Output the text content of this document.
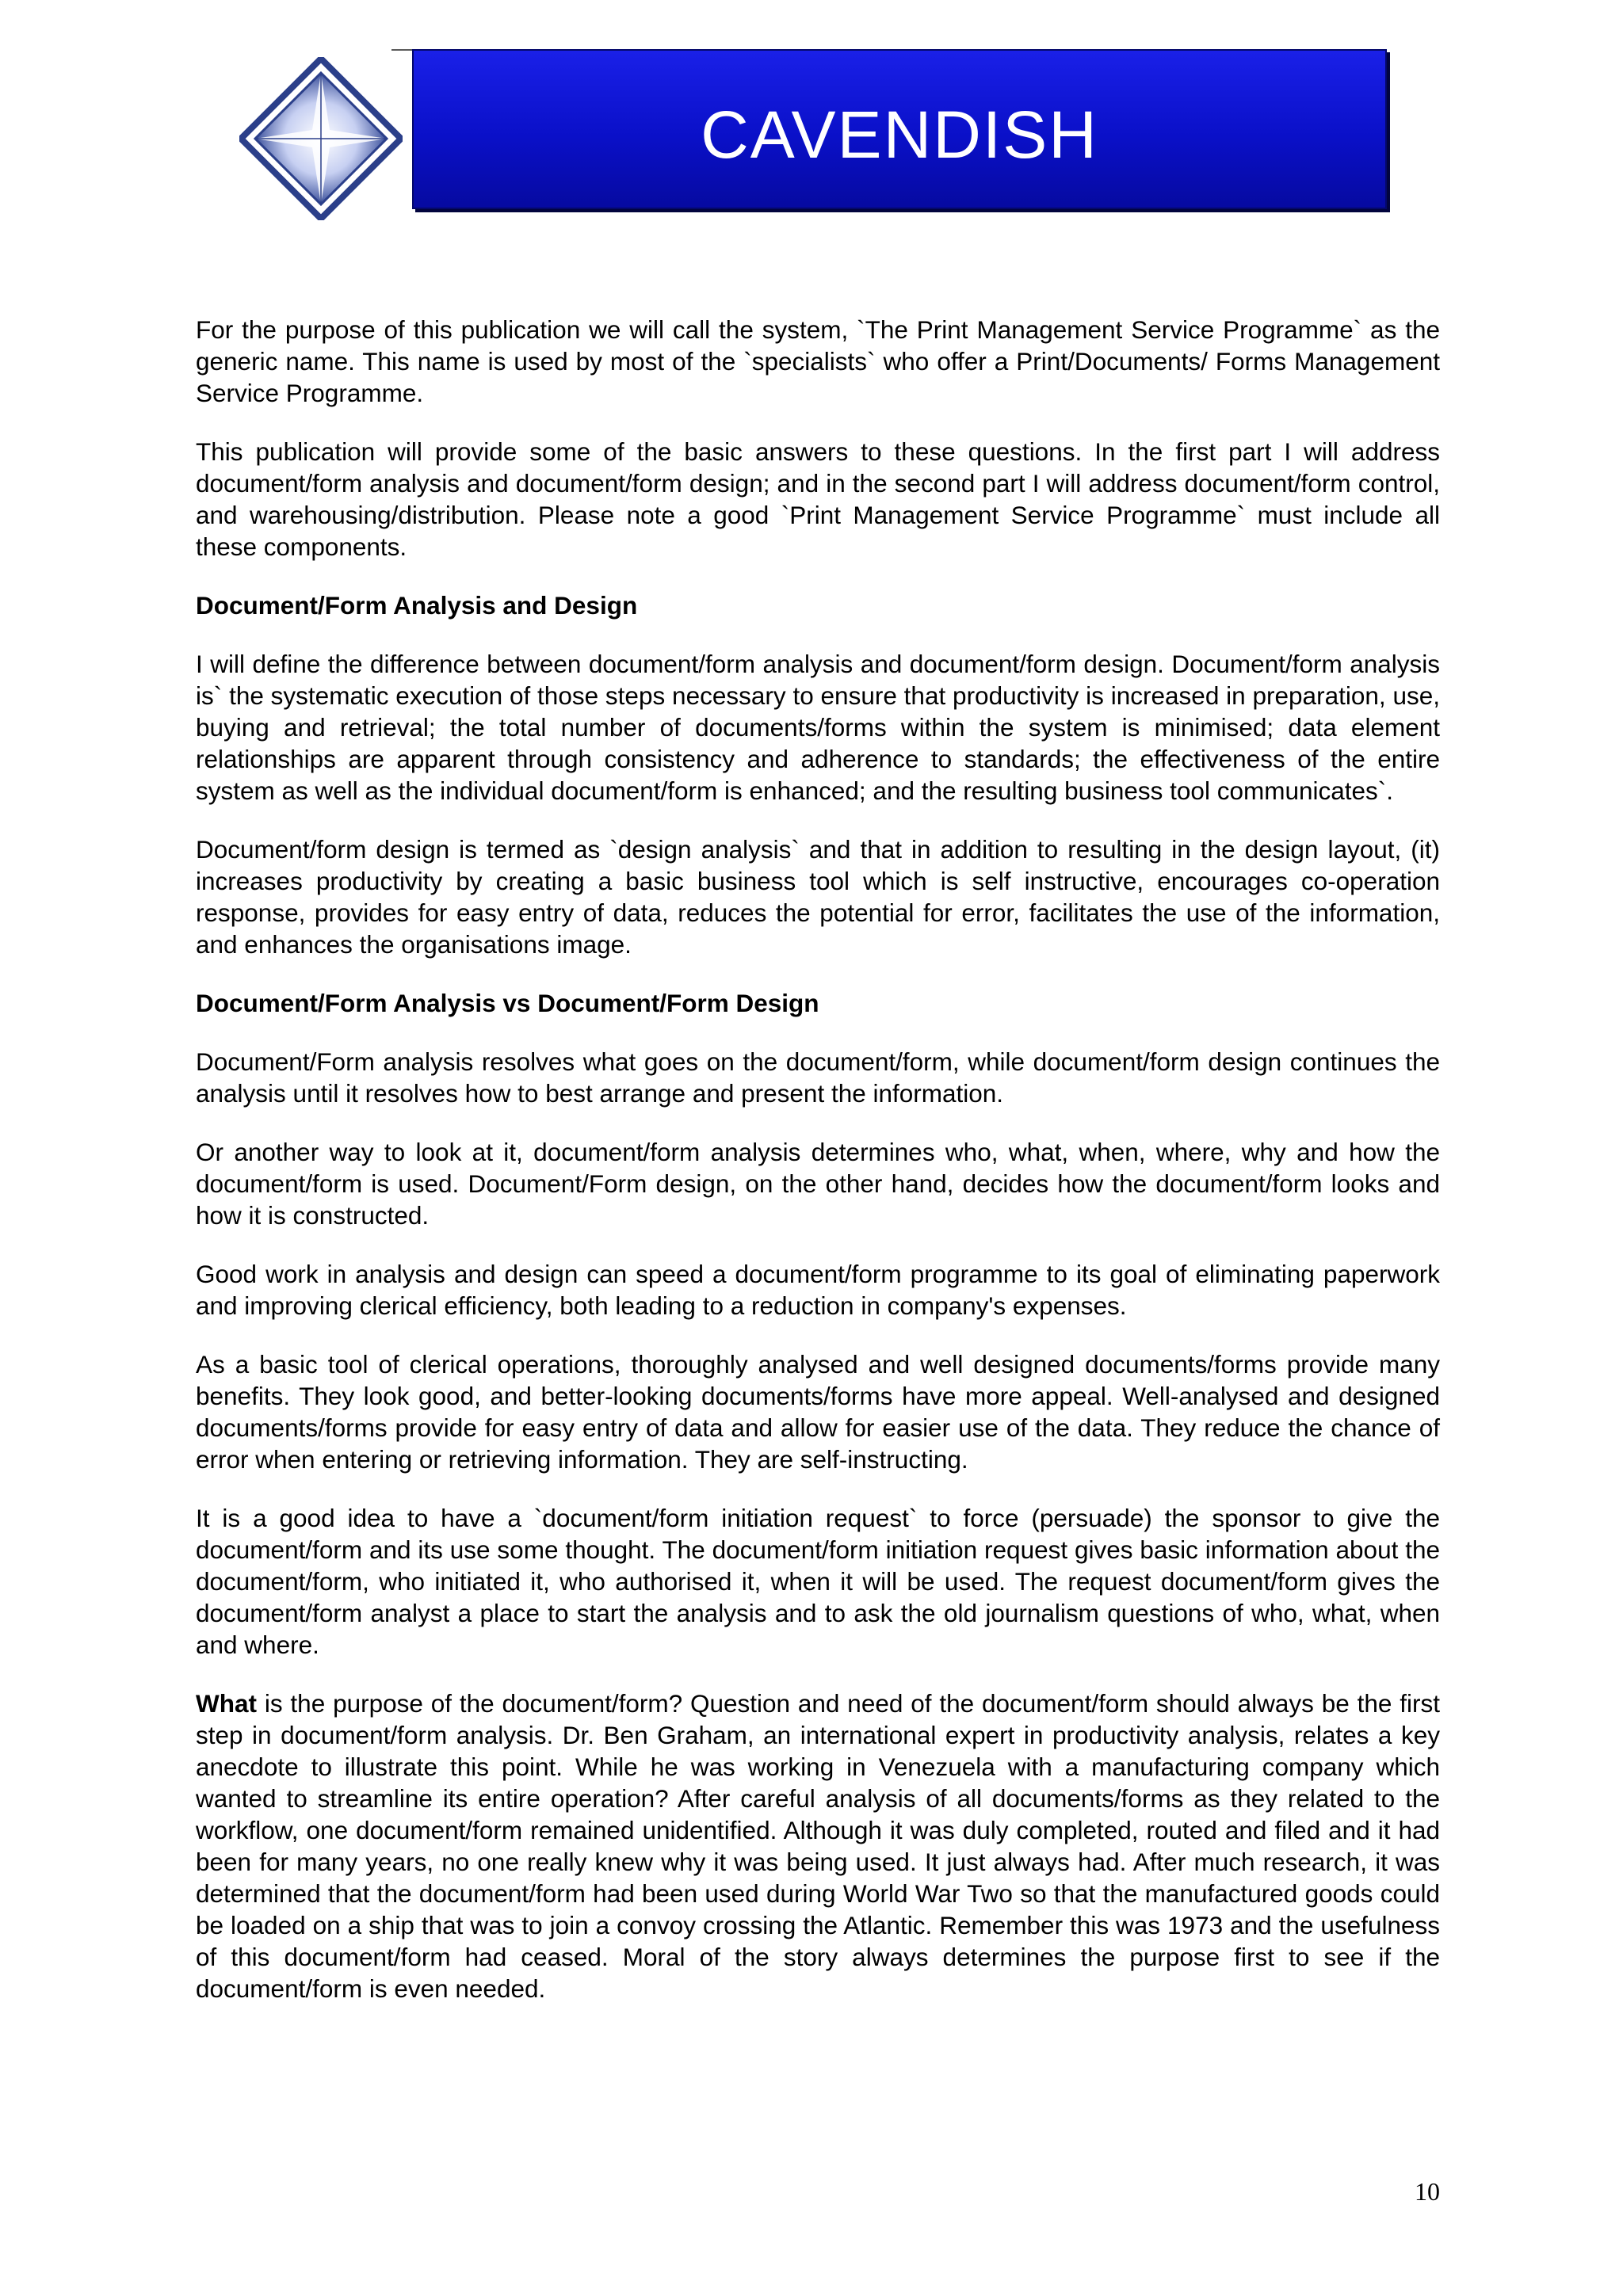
CAVENDISH

For the purpose of this publication we will call the system, `The Print Management Service Programme` as the generic name. This name is used by most of the `specialists` who offer a Print/Documents/ Forms Management Service Programme.

This publication will provide some of the basic answers to these questions. In the first part I will address document/form analysis and document/form design; and in the second part I will address document/form control, and warehousing/distribution. Please note a good `Print Management Service Programme` must include all these components.

Document/Form Analysis and Design

I will define the difference between document/form analysis and document/form design. Document/form analysis is` the systematic execution of those steps necessary to ensure that productivity is increased in preparation, use, buying and retrieval; the total number of documents/forms within the system is minimised; data element relationships are apparent through consistency and adherence to standards; the effectiveness of the entire system as well as the individual document/form is enhanced; and the resulting business tool communicates`.

Document/form design is termed as `design analysis` and that in addition to resulting in the design layout, (it) increases productivity by creating a basic business tool which is self instructive, encourages co-operation response, provides for easy entry of data, reduces the potential for error, facilitates the use of the information, and enhances the organisations image.

Document/Form Analysis vs Document/Form Design

Document/Form analysis resolves what goes on the document/form, while document/form design continues the analysis until it resolves how to best arrange and present the information.

Or another way to look at it, document/form analysis determines who, what, when, where, why and how the document/form is used. Document/Form design, on the other hand, decides how the document/form looks and how it is constructed.

Good work in analysis and design can speed a document/form programme to its goal of eliminating paperwork and improving clerical efficiency, both leading to a reduction in company's expenses.

As a basic tool of clerical operations, thoroughly analysed and well designed documents/forms provide many benefits. They look good, and better-looking documents/forms have more appeal. Well-analysed and designed documents/forms provide for easy entry of data and allow for easier use of the data. They reduce the chance of error when entering or retrieving information. They are self-instructing.

It is a good idea to have a `document/form initiation request` to force (persuade) the sponsor to give the document/form and its use some thought. The document/form initiation request gives basic information about the document/form, who initiated it, who authorised it, when it will be used. The request document/form gives the document/form analyst a place to start the analysis and to ask the old journalism questions of who, what, when and where.

What is the purpose of the document/form? Question and need of the document/form should always be the first step in document/form analysis. Dr. Ben Graham, an international expert in productivity analysis, relates a key anecdote to illustrate this point. While he was working in Venezuela with a manufacturing company which wanted to streamline its entire operation? After careful analysis of all documents/forms as they related to the workflow, one document/form remained unidentified. Although it was duly completed, routed and filed and it had been for many years, no one really knew why it was being used. It just always had. After much research, it was determined that the document/form had been used during World War Two so that the manufactured goods could be loaded on a ship that was to join a convoy crossing the Atlantic. Remember this was 1973 and the usefulness of this document/form had ceased. Moral of the story always determines the purpose first to see if the document/form is even needed.

10
